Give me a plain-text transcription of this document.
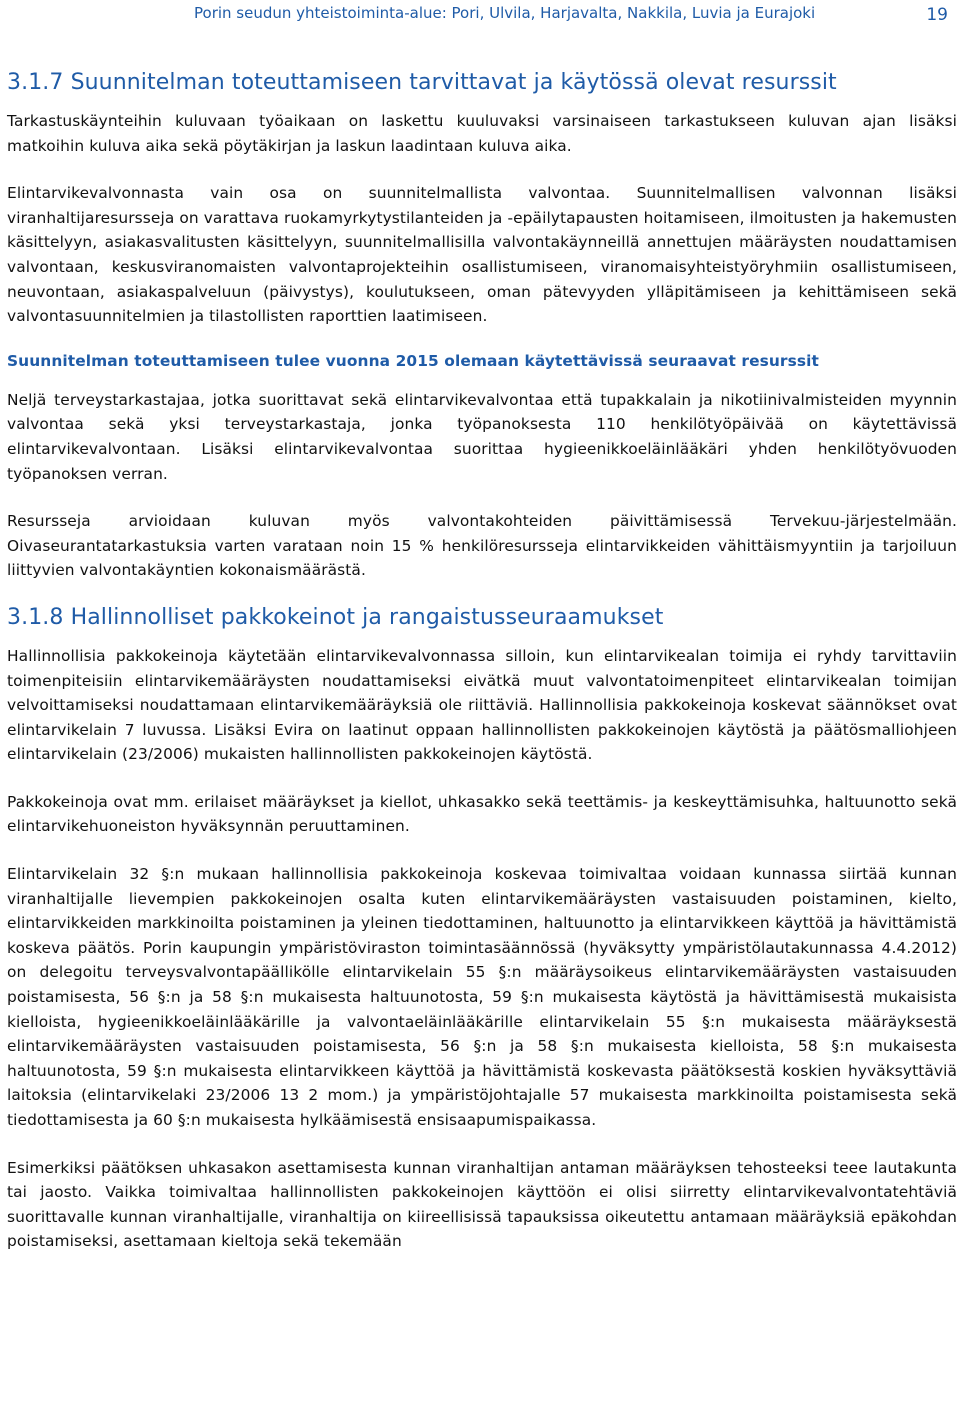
Porin seudun yhteistoiminta-alue: Pori, Ulvila, Harjavalta, Nakkila, Luvia ja Eurajoki	19
3.1.7 Suunnitelman toteuttamiseen tarvittavat ja käytössä olevat resurssit

Tarkastuskäynteihin kuluvaan työaikaan on laskettu kuuluvaksi varsinaiseen tarkastukseen kuluvan ajan lisäksi matkoihin kuluva aika sekä pöytäkirjan ja laskun laadintaan kuluva aika.

Elintarvikevalvonnasta vain osa on suunnitelmallista valvontaa. Suunnitelmallisen valvonnan lisäksi viranhaltijaresursseja on varattava ruokamyrkytystilanteiden ja -epäilytapausten hoitamiseen, ilmoitusten ja hakemusten käsittelyyn, asiakasvalitusten käsittelyyn, suunnitelmallisilla valvontakäynneillä annettujen määräysten noudattamisen valvontaan, keskusviranomaisten valvontaprojekteihin osallistumiseen, viranomaisyhteistyöryhmiin osallistumiseen, neuvontaan, asiakaspalveluun (päivystys), koulutukseen, oman pätevyyden ylläpitämiseen ja kehittämiseen sekä valvontasuunnitelmien ja tilastollisten raporttien laatimiseen.

Suunnitelman toteuttamiseen tulee vuonna 2015 olemaan käytettävissä seuraavat resurssit

Neljä terveystarkastajaa, jotka suorittavat sekä elintarvikevalvontaa että tupakkalain ja nikotiinivalmisteiden myynnin valvontaa sekä yksi terveystarkastaja, jonka työpanoksesta 110 henkilötyöpäivää on käytettävissä elintarvikevalvontaan. Lisäksi elintarvikevalvontaa suorittaa hygieenikkoeläinlääkäri yhden henkilötyövuoden työpanoksen verran.

Resursseja arvioidaan kuluvan myös valvontakohteiden päivittämisessä Tervekuu-järjestelmään. Oivaseurantatarkastuksia varten varataan noin 15 % henkilöresursseja elintarvikkeiden vähittäismyyntiin ja tarjoiluun liittyvien valvontakäyntien kokonaismäärästä.

3.1.8 Hallinnolliset pakkokeinot ja rangaistusseuraamukset

Hallinnollisia pakkokeinoja käytetään elintarvikevalvonnassa silloin, kun elintarvikealan toimija ei ryhdy tarvittaviin toimenpiteisiin elintarvikemääräysten noudattamiseksi eivätkä muut valvontatoimenpiteet elintarvikealan toimijan velvoittamiseksi noudattamaan elintarvikemääräyksiä ole riittäviä. Hallinnollisia pakkokeinoja koskevat säännökset ovat elintarvikelain 7 luvussa. Lisäksi Evira on laatinut oppaan hallinnollisten pakkokeinojen käytöstä ja päätösmalliohjeen elintarvikelain (23/2006) mukaisten hallinnollisten pakkokeinojen käytöstä.

Pakkokeinoja ovat mm. erilaiset määräykset ja kiellot, uhkasakko sekä teettämis- ja keskeyttämisuhka, haltuunotto sekä elintarvikehuoneiston hyväksynnän peruuttaminen.

Elintarvikelain 32 §:n mukaan hallinnollisia pakkokeinoja koskevaa toimivaltaa voidaan kunnassa siirtää kunnan viranhaltijalle lievempien pakkokeinojen osalta kuten elintarvikemääräysten vastaisuuden poistaminen, kielto, elintarvikkeiden markkinoilta poistaminen ja yleinen tiedottaminen, haltuunotto ja elintarvikkeen käyttöä ja hävittämistä koskeva päätös. Porin kaupungin ympäristöviraston toimintasäännössä (hyväksytty ympäristölautakunnassa 4.4.2012) on delegoitu terveysvalvontapäällikölle elintarvikelain 55 §:n määräysoikeus elintarvikemääräysten vastaisuuden poistamisesta, 56 §:n ja 58 §:n mukaisesta haltuunotosta, 59 §:n mukaisesta käytöstä ja hävittämisestä mukaisista kielloista, hygieenikkoeläinlääkärille ja valvontaeläinlääkärille elintarvikelain 55 §:n mukaisesta määräyksestä elintarvikemääräysten vastaisuuden poistamisesta, 56 §:n ja 58 §:n mukaisesta kielloista, 58 §:n mukaisesta haltuunotosta, 59 §:n mukaisesta elintarvikkeen käyttöä ja hävittämistä koskevasta päätöksestä koskien hyväksyttäviä laitoksia (elintarvikelaki 23/2006 13 2 mom.) ja ympäristöjohtajalle 57 mukaisesta markkinoilta poistamisesta sekä tiedottamisesta ja 60 §:n mukaisesta hylkäämisestä ensisaapumispaikassa.

Esimerkiksi päätöksen uhkasakon asettamisesta kunnan viranhaltijan antaman määräyksen tehosteeksi teee lautakunta tai jaosto. Vaikka toimivaltaa hallinnollisten pakkokeinojen käyttöön ei olisi siirretty elintarvikevalvontatehtäviä suorittavalle kunnan viranhaltijalle, viranhaltija on kiireellisissä tapauksissa oikeutettu antamaan määräyksiä epäkohdan poistamiseksi, asettamaan kieltoja sekä tekemään
